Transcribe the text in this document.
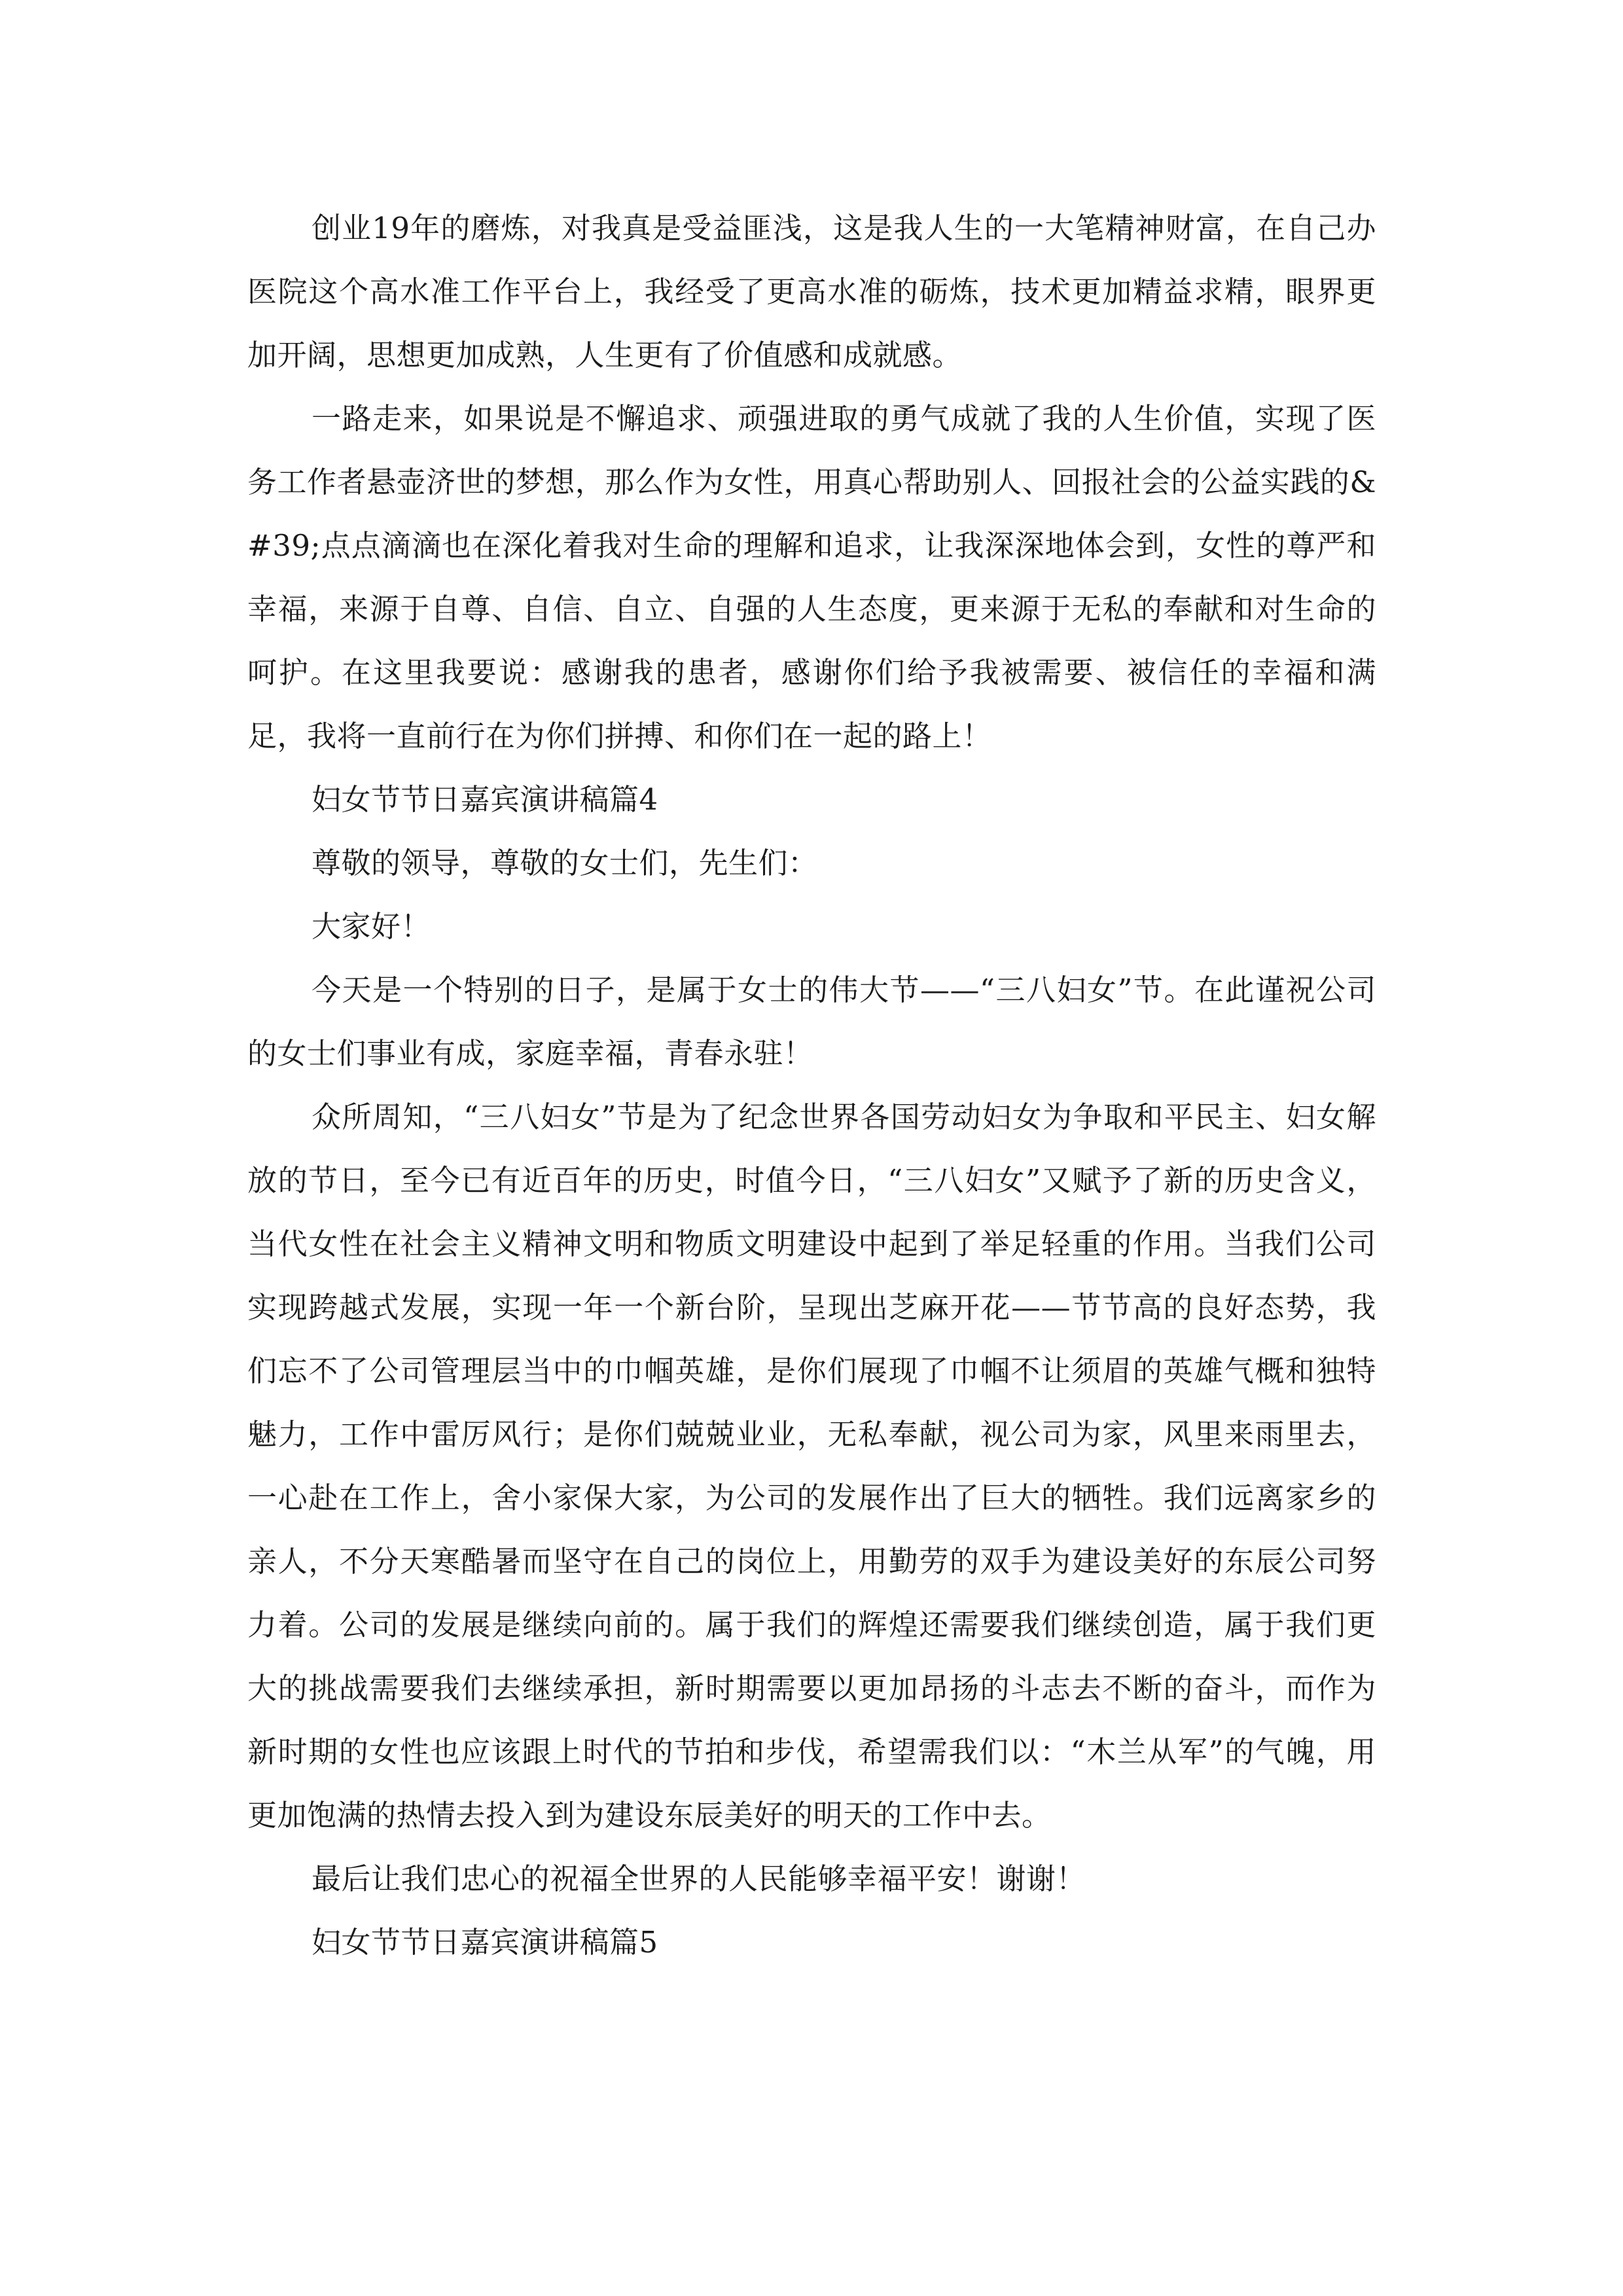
创业19年的磨炼，对我真是受益匪浅，这是我人生的一大笔精神财富，在自己办医院这个高水准工作平台上，我经受了更高水准的砺炼，技术更加精益求精，眼界更加开阔，思想更加成熟，人生更有了价值感和成就感。

一路走来，如果说是不懈追求、顽强进取的勇气成就了我的人生价值，实现了医务工作者悬壶济世的梦想，那么作为女性，用真心帮助别人、回报社会的公益实践的&#39;点点滴滴也在深化着我对生命的理解和追求，让我深深地体会到，女性的尊严和幸福，来源于自尊、自信、自立、自强的人生态度，更来源于无私的奉献和对生命的呵护。在这里我要说：感谢我的患者，感谢你们给予我被需要、被信任的幸福和满足，我将一直前行在为你们拼搏、和你们在一起的路上！

妇女节节日嘉宾演讲稿篇4

尊敬的领导，尊敬的女士们，先生们：

大家好！

今天是一个特别的日子，是属于女士的伟大节——“三八妇女”节。在此谨祝公司的女士们事业有成，家庭幸福，青春永驻！

众所周知，“三八妇女”节是为了纪念世界各国劳动妇女为争取和平民主、妇女解放的节日，至今已有近百年的历史，时值今日，“三八妇女”又赋予了新的历史含义，当代女性在社会主义精神文明和物质文明建设中起到了举足轻重的作用。当我们公司实现跨越式发展，实现一年一个新台阶，呈现出芝麻开花——节节高的良好态势，我们忘不了公司管理层当中的巾帼英雄，是你们展现了巾帼不让须眉的英雄气概和独特魅力，工作中雷厉风行；是你们兢兢业业，无私奉献，视公司为家，风里来雨里去，一心赴在工作上，舍小家保大家，为公司的发展作出了巨大的牺牲。我们远离家乡的亲人，不分天寒酷暑而坚守在自己的岗位上，用勤劳的双手为建设美好的东辰公司努力着。公司的发展是继续向前的。属于我们的辉煌还需要我们继续创造，属于我们更大的挑战需要我们去继续承担，新时期需要以更加昂扬的斗志去不断的奋斗，而作为新时期的女性也应该跟上时代的节拍和步伐，希望需我们以：“木兰从军”的气魄，用更加饱满的热情去投入到为建设东辰美好的明天的工作中去。

最后让我们忠心的祝福全世界的人民能够幸福平安！谢谢！

妇女节节日嘉宾演讲稿篇5
